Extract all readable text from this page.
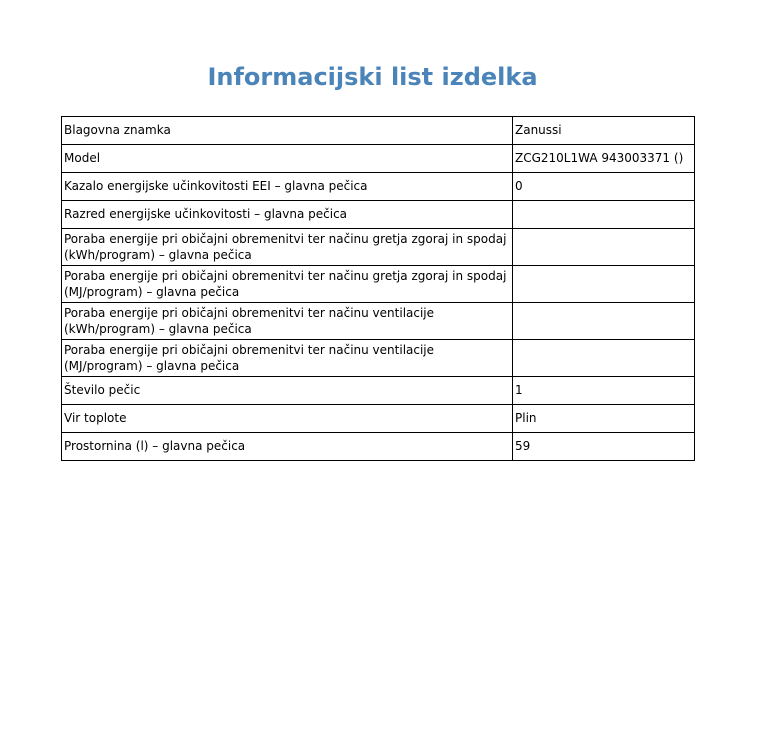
Informacijski list izdelka
Blagovna znamka	Zanussi
Model	ZCG210L1WA 943003371 ()
Kazalo energijske učinkovitosti EEI – glavna pečica	0
Razred energijske učinkovitosti – glavna pečica	
Poraba energije pri običajni obremenitvi ter načinu gretja zgoraj in spodaj (kWh/program) – glavna pečica	
Poraba energije pri običajni obremenitvi ter načinu gretja zgoraj in spodaj (MJ/program) – glavna pečica	
Poraba energije pri običajni obremenitvi ter načinu ventilacije (kWh/program) – glavna pečica	
Poraba energije pri običajni obremenitvi ter načinu ventilacije (MJ/program) – glavna pečica	
Število pečic	1
Vir toplote	Plin
Prostornina (l) – glavna pečica	59
